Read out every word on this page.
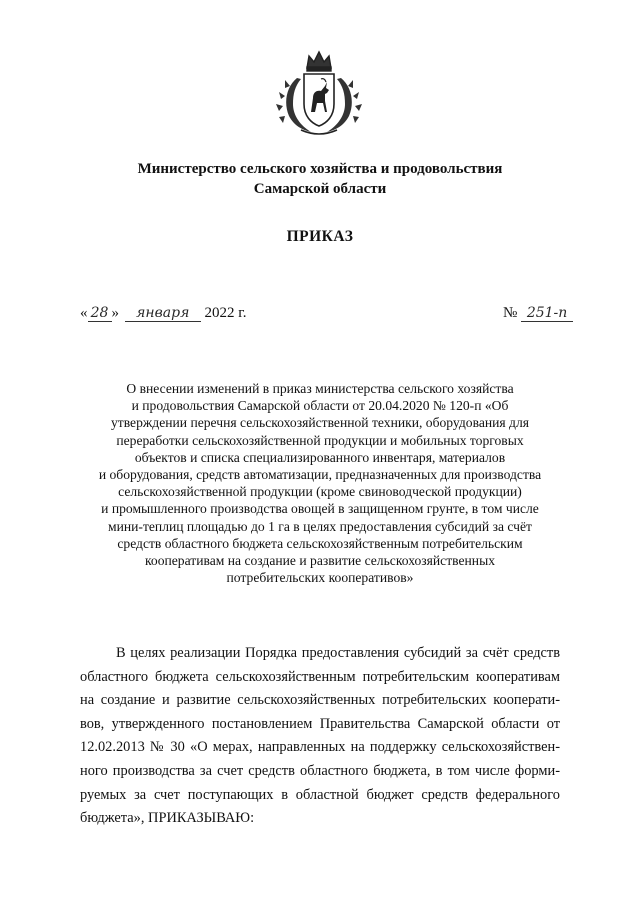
Министерство сельского хозяйства и продовольствия
Самарской области
ПРИКАЗ
« 28 » января 2022 г.	№ 251-п
О внесении изменений в приказ министерства сельского хозяйства
и продовольствия Самарской области от 20.04.2020 № 120-п «Об
утверждении перечня сельскохозяйственной техники, оборудования для
переработки сельскохозяйственной продукции и мобильных торговых
объектов и списка специализированного инвентаря, материалов
и оборудования, средств автоматизации, предназначенных для производства
сельскохозяйственной продукции (кроме свиноводческой продукции)
и промышленного производства овощей в защищенном грунте, в том числе
мини-теплиц площадью до 1 га в целях предоставления субсидий за счёт
средств областного бюджета сельскохозяйственным потребительским
кооперативам на создание и развитие сельскохозяйственных
потребительских кооперативов»
В целях реализации Порядка предоставления субсидий за счёт средств
областного бюджета сельскохозяйственным потребительским кооперативам
на создание и развитие сельскохозяйственных потребительских кооперати-
вов, утвержденного постановлением Правительства Самарской области от
12.02.2013 № 30 «О мерах, направленных на поддержку сельскохозяйствен-
ного производства за счет средств областного бюджета, в том числе форми-
руемых за счет поступающих в областной бюджет средств федерального
бюджета», ПРИКАЗЫВАЮ:
